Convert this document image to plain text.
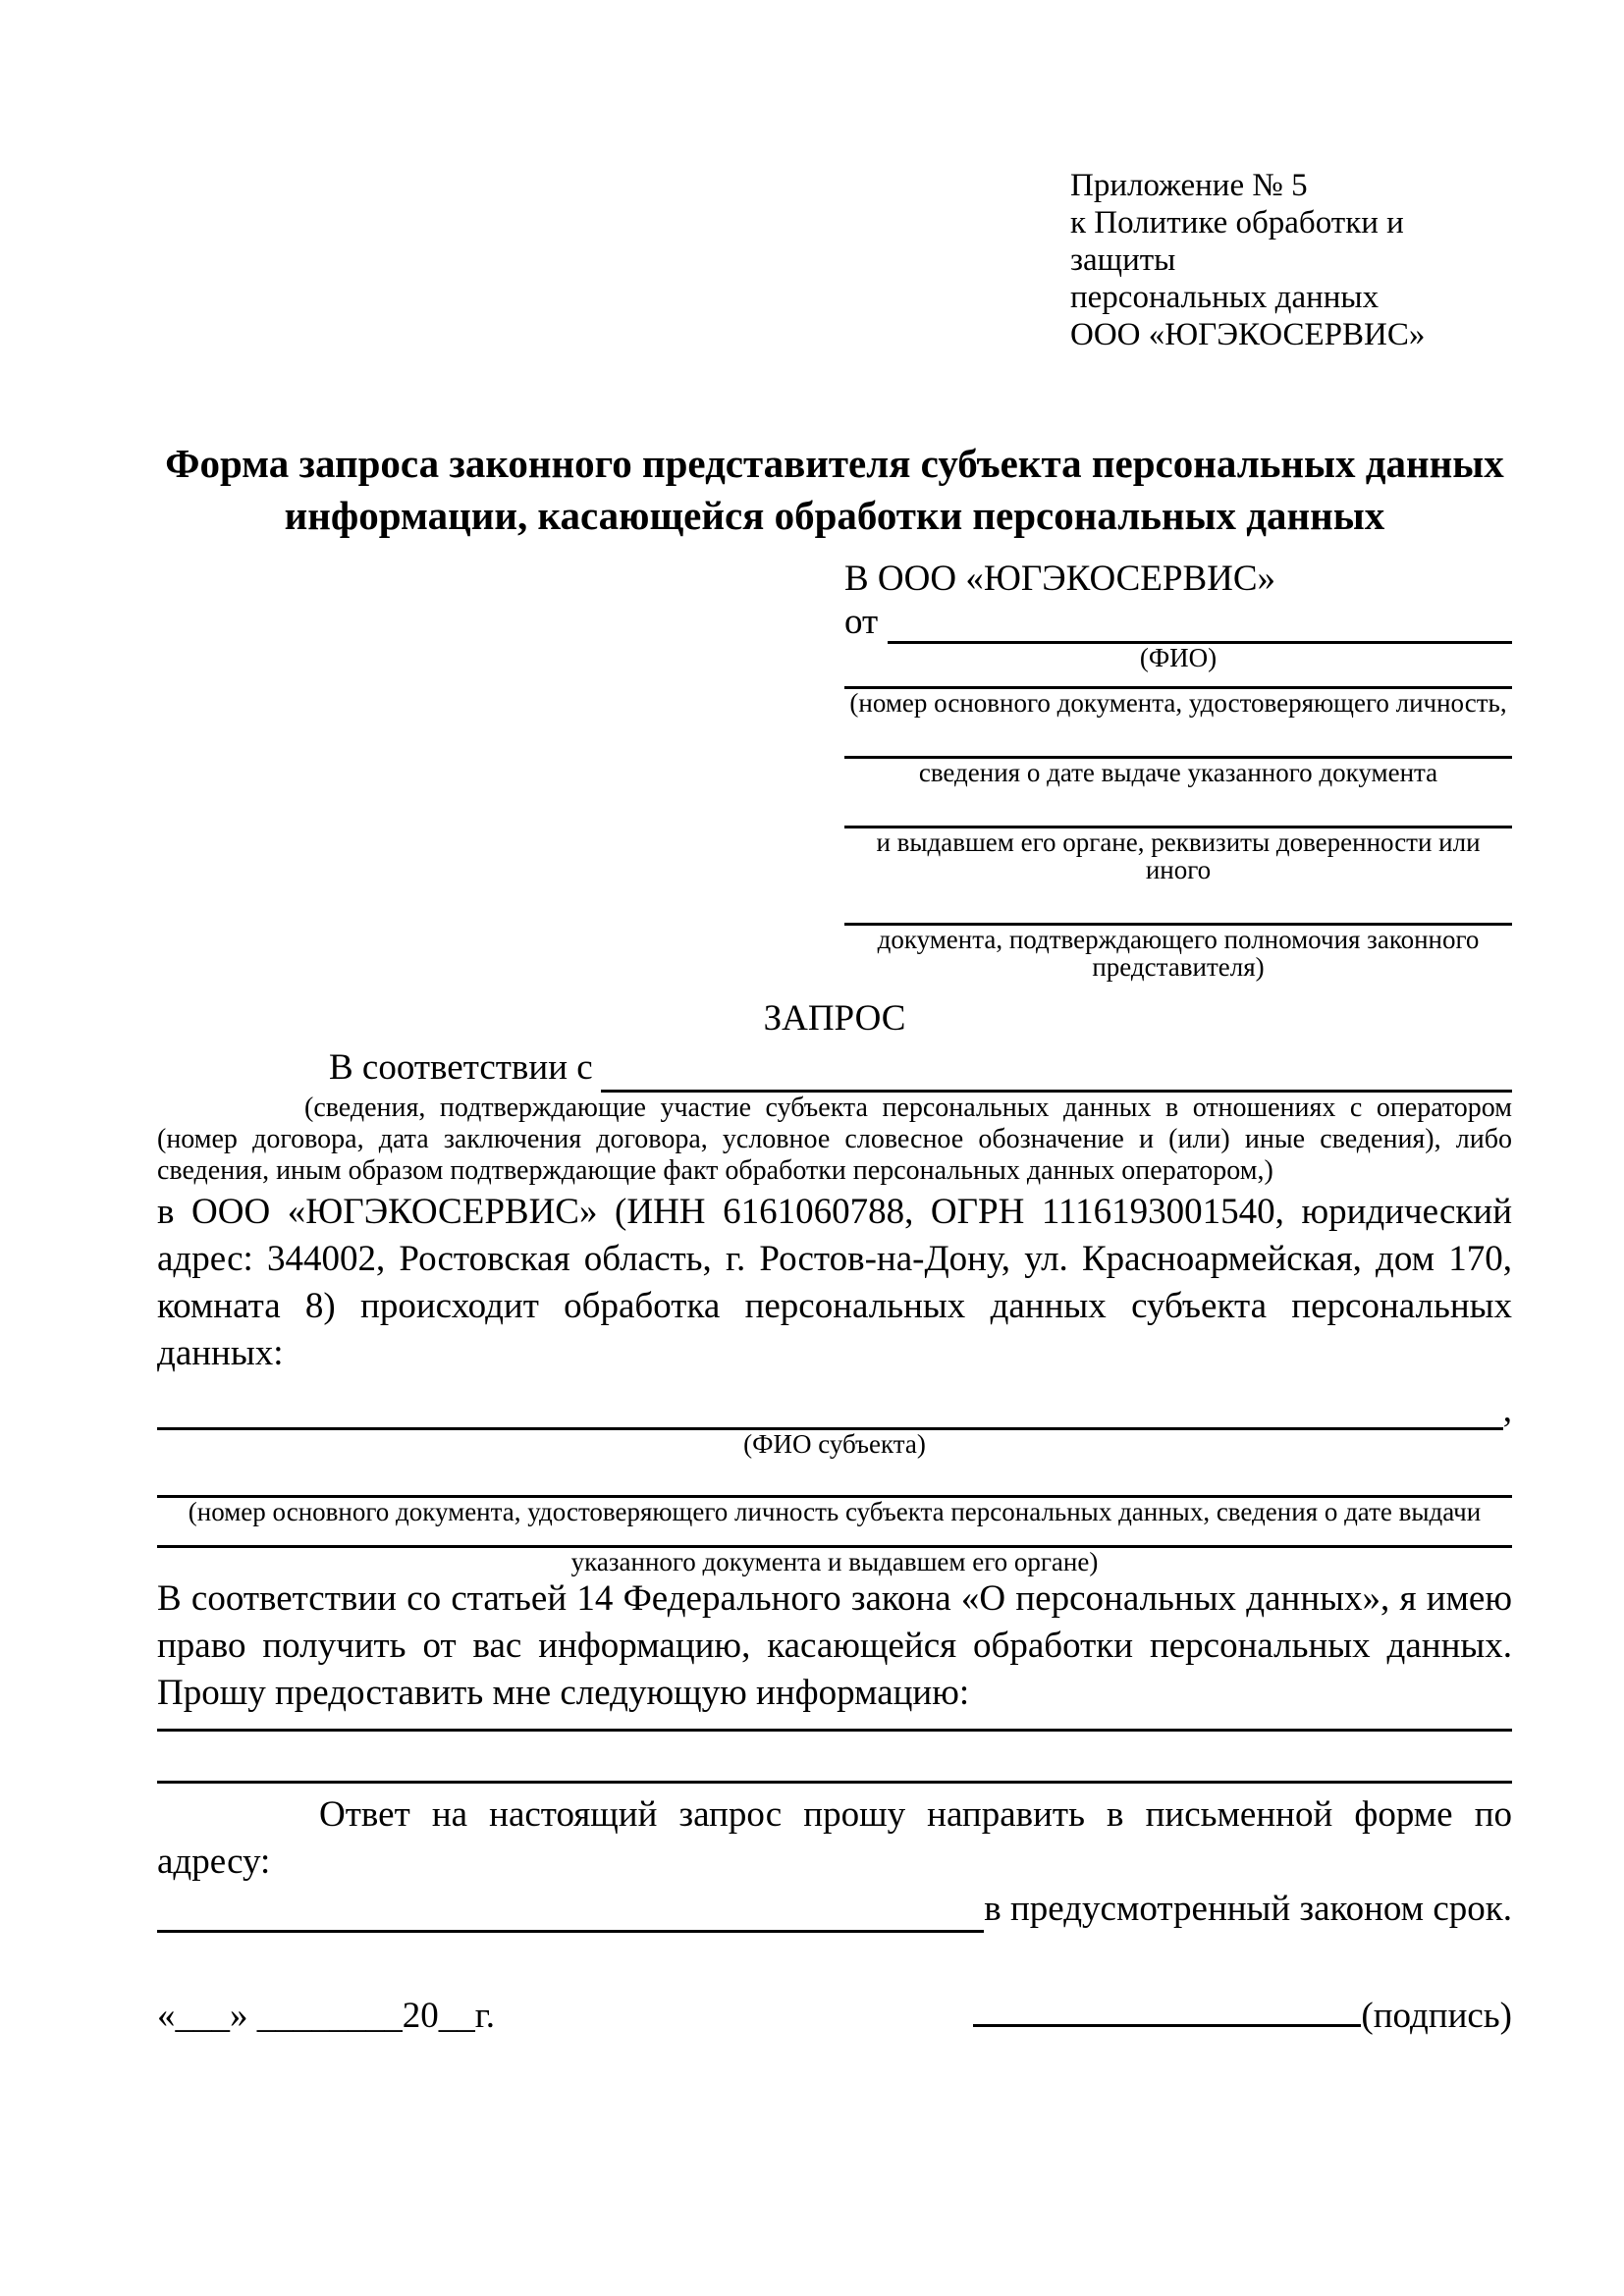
Приложение № 5
к Политике обработки и защиты
персональных данных
ООО «ЮГЭКОСЕРВИС»
Форма запроса законного представителя субъекта персональных данных
информации, касающейся обработки персональных данных
В ООО «ЮГЭКОСЕРВИС»
от
(ФИО)
(номер основного документа, удостоверяющего личность,
сведения о дате выдаче указанного документа
и выдавшем его органе, реквизиты доверенности или иного
документа, подтверждающего полномочия законного представителя)
ЗАПРОС
В соответствии с
(сведения, подтверждающие участие субъекта персональных данных в отношениях с оператором (номер договора, дата заключения договора, условное словесное обозначение и (или) иные сведения), либо сведения, иным образом подтверждающие факт обработки персональных данных оператором,)
в ООО «ЮГЭКОСЕРВИС» (ИНН 6161060788, ОГРН 1116193001540, юридический адрес: 344002, Ростовская область, г. Ростов-на-Дону, ул. Красноармейская, дом 170, комната 8) происходит обработка персональных данных субъекта персональных данных:
,
(ФИО субъекта)
(номер основного документа, удостоверяющего личность субъекта персональных данных, сведения о дате выдачи
указанного документа и выдавшем его органе)
В соответствии со статьей 14 Федерального закона «О персональных данных», я имею право получить от вас информацию, касающейся обработки персональных данных. Прошу предоставить мне следующую информацию:
Ответ на настоящий запрос прошу направить в письменной форме по адресу:
в предусмотренный законом срок.
«___» ________20__г.	(подпись)
